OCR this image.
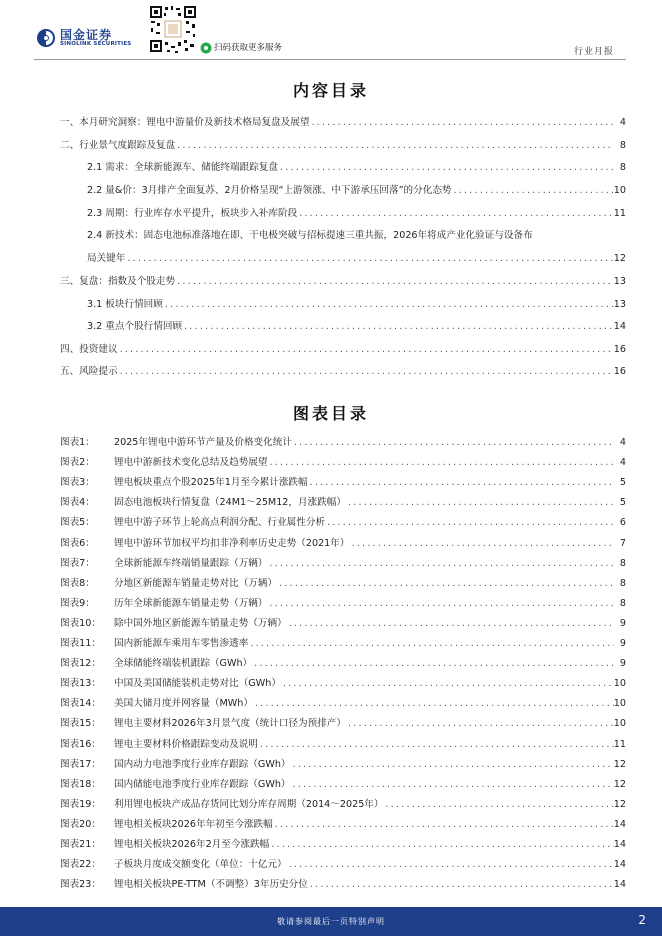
国金证券
SINOLINK SECURITIES	扫码获取更多服务	行业月报
内容目录
一、本月研究洞察：锂电中游量价及新技术格局复盘及展望 .....	4
二、行业景气度跟踪及复盘 .....	8
2.1 需求：全球新能源车、储能终端跟踪复盘 .....	8
2.2 量&价：3月排产全面复苏、2月价格呈现“上游领涨、中下游承压回落”的分化态势 .....	10
2.3 周期：行业库存水平提升，板块步入补库阶段 .....	11
2.4 新技术：固态电池标准落地在即、干电极突破与招标提速三重共振，2026年将成产业化验证与设备布
局关键年 .....	12
三、复盘：指数及个股走势 .....	13
3.1 板块行情回顾 .....	13
3.2 重点个股行情回顾 .....	14
四、投资建议 .....	16
五、风险提示 .....	16
图表目录
图表1：	2025年锂电中游环节产量及价格变化统计 .....	4
图表2：	锂电中游新技术变化总结及趋势展望 .....	4
图表3：	锂电板块重点个股2025年1月至今累计涨跌幅 .....	5
图表4：	固态电池板块行情复盘（24M1～25M12，月涨跌幅） .....	5
图表5：	锂电中游子环节上轮高点利润分配、行业属性分析 .....	6
图表6：	锂电中游环节加权平均扣非净利率历史走势（2021年） .....	7
图表7：	全球新能源车终端销量跟踪（万辆） .....	8
图表8：	分地区新能源车销量走势对比（万辆） .....	8
图表9：	历年全球新能源车销量走势（万辆） .....	8
图表10：	除中国外地区新能源车销量走势（万辆） .....	9
图表11：	国内新能源车乘用车零售渗透率 .....	9
图表12：	全球储能终端装机跟踪（GWh） .....	9
图表13：	中国及美国储能装机走势对比（GWh） .....	10
图表14：	美国大储月度并网容量（MWh） .....	10
图表15：	锂电主要材料2026年3月景气度（统计口径为预排产） .....	10
图表16：	锂电主要材料价格跟踪变动及说明 .....	11
图表17：	国内动力电池季度行业库存跟踪（GWh） .....	12
图表18：	国内储能电池季度行业库存跟踪（GWh） .....	12
图表19：	利用锂电板块产成品存货同比划分库存周期（2014～2025年） .....	12
图表20：	锂电相关板块2026年年初至今涨跌幅 .....	14
图表21：	锂电相关板块2026年2月至今涨跌幅 .....	14
图表22：	子板块月度成交额变化（单位：十亿元） .....	14
图表23：	锂电相关板块PE-TTM（不调整）3年历史分位 .....	14
敬请参阅最后一页特别声明	2
